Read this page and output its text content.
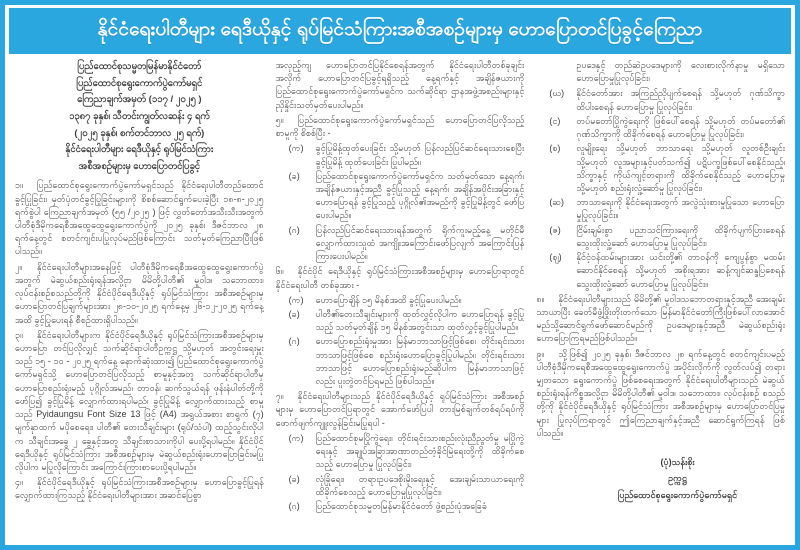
နိုင်ငံရေးပါတီများ ရေဒီယိုနှင့် ရုပ်မြင်သံကြားအစီအစဉ်များမှ ဟောပြောတင်ပြခွင့်ကြေညာ
ပြည်ထောင်စုသမ္မတမြန်မာနိုင်ငံတော်
ပြည်ထောင်စုရွေးကောက်ပွဲကော်မရှင်
ကြေညာချက်အမှတ် (၁၁၇ / ၂၀၂၅ )
၁၃၈၇ ခုနှစ်၊ သီတင်းကျွတ်လဆန်း ၄ ရက်
(၂၀၂၅ ခုနှစ်၊ စက်တင်ဘာလ ၂၅ ရက်)
နိုင်ငံရေးပါတီများ ရေဒီယိုနှင့် ရုပ်မြင်သံကြား
အစီအစဉ်များမှ ဟောပြောတင်ပြခွင့်

၁။ ပြည်ထောင်စုရွေးကောက်ပွဲကော်မရှင်သည် နိုင်ငံရေးပါတီတည်ထောင်ခွင့်ပြုခြင်း၊ မှတ်ပုံတင်ခွင့်ပြုခြင်းများကို စိစစ်ဆောင်ရွက်ပေးခဲ့ပြီး ၁၈-၈-၂၀၂၅ ရက်စွဲပါ ကြေညာချက်အမှတ် (၅၅ /၂၀၂၅ ) ဖြင့် လွှတ်တော်အသီးသီးအတွက် ပါတီစုံဒီမိုကရေစီအထွေထွေရွေးကောက်ပွဲကို ၂၀၂၅ ခုနှစ်၊ ဒီဇင်ဘာလ ၂၈ ရက်နေ့တွင် စတင်ကျင်းပပြုလုပ်မည်ဖြစ်ကြောင်း သတ်မှတ်ကြေညာပြီးဖြစ်ပါသည်။

၂။ နိုင်ငံရေးပါတီများအနေဖြင့် ပါတီစုံဒီမိုကရေစီအထွေထွေရွေးကောက်ပွဲအတွက် မဲဆွယ်စည်းရုံးရန်အလို့ငှာ မိမိတို့ပါတီ၏ မူဝါဒ၊ သဘောထား၊ လုပ်ငန်းစဉ်စသည်တို့ကို နိုင်ငံပိုင်ရေဒီယိုနှင့် ရုပ်မြင်သံကြား အစီအစဉ်များမှ ဟောပြောတင်ပြချက်များအား ၂၈-၁၀-၂၀၂၅ ရက်နေ့မှ ၂၆-၁၂-၂၀၂၅ ရက်နေ့အထိ ခွင့်ပြုပေးရန် စီစဉ်ထားရှိပါသည်။

၃။ နိုင်ငံရေးပါတီများက နိုင်ငံပိုင်ရေဒီယိုနှင့် ရုပ်မြင်သံကြားအစီအစဉ်များမှ ဟောပြော တင်ပြလိုလျှင် သက်ဆိုင်ရာပါတီဥက္ကဋ္ဌ သို့မဟုတ် အတွင်းရေးမှူးသည် ၁၅ - ၁၀ - ၂၀၂၅ ရက်နေ့ နောက်ဆုံးထား၍ ပြည်ထောင်စုရွေးကောက်ပွဲကော်မရှင်သို့ ဟောပြောတင်ပြလိုသည့် စာမူနှင့်အတူ သက်ဆိုင်ရာပါတီမှ ဟောပြောစည်းရုံးမည့် ပုဂ္ဂိုလ်အမည်၊ တာဝန်၊ ဆက်သွယ်ရန် ဖုန်းနံပါတ်တို့ကိုဖော်ပြ၍ ခွင့်ပြုမိန့် လျှောက်ထားရပါမည်၊ ခွင့်ပြုမိန့် လျှောက်ထားသည့် စာမူသည် Pyidaungsu Font Size 13 ဖြင့် (A4) အရွယ်အစား စာရွက် (၇) မျက်နှာထက် မပိုစေရေး၊ ပါတီ၏ တေးသီချင်းများ (ရုပ်/သံပါ) ထည့်သွင်းလိုပါက သီချင်းအခွေ ၂ ခွေနှင့်အတူ သီချင်းစာသားကိုပါ ပေးပို့ရပါမည်။ နိုင်ငံပိုင်ရေဒီယိုနှင့် ရုပ်မြင်သံကြား အစီအစဉ်များမှ မဲဆွယ်စည်းရုံးဟောပြောခြင်းမပြုလိုပါက မပြုလိုကြောင်း အကြောင်းကြားစာပေးပို့ရပါမည်။

၄။ နိုင်ငံပိုင်ရေဒီယိုနှင့် ရုပ်မြင်သံကြားအစီအစဉ်များမှ ဟောပြောခွင့်ပြုရန် လျှောက်ထားကြသည့် နိုင်ငံရေးပါတီများအား အဆင်ပြေစွာ

အလှည့်ကျ ဟောပြောတင်ပြနိုင်စေရန်အတွက် နိုင်ငံရေးပါတီတစ်ခုချင်းအလိုက် ဟောပြောတင်ပြခွင့်ရရှိသည့် နေ့ရက်နှင့် အချိန်ဇယားကို ပြည်ထောင်စုရွေးကောက်ပွဲကော်မရှင်က သက်ဆိုင်ရာ ဌာနအဖွဲ့အစည်းများနှင့် ညှိနှိုင်းသတ်မှတ်ပေးပါမည်။

၅။ ပြည်ထောင်စုရွေးကောက်ပွဲကော်မရှင်သည် ဟောပြောတင်ပြလိုသည့်စာမူကို စိစစ်ပြီး -

(က)	ခွင့်ပြုမိန့်ထုတ်ပေးခြင်း သို့မဟုတ် ပြန်လည်ပြင်ဆင်ရေးသားစေပြီး ခွင့်ပြုမိန့် ထုတ်ပေးခြင်း ပြုပါမည်။
(ခ)	ပြည်ထောင်စုရွေးကောက်ပွဲကော်မရှင်က သတ်မှတ်သော နေ့ရက်၊ အချိန်ဇယားနှင့်အညီ ခွင့်ပြုသည့် နေ့ရက်၊ အချိန်အပိုင်းအခြားနှင့် ဟောပြောရန် ခွင့်ပြုသည့် ပုဂ္ဂိုလ်၏အမည်ကို ခွင့်ပြုမိန့်တွင် ဖော်ပြပေးပါမည်။
(ဂ)	ပြန်လည်ပြင်ဆင်ရေးသားရန်အတွက် ရိုက်ကူးမည့်နေ့ မတိုင်မီ လျှောက်ထားသူထံ အကျိုးအကြောင်းဖော်ပြလျက် အကြောင်းပြန်ကြားပေးပါမည်။

၆။ နိုင်ငံပိုင် ရေဒီယိုနှင့် ရုပ်မြင်သံကြားအစီအစဉ်များမှ ဟောပြောရာတွင် နိုင်ငံရေးပါတီ တစ်ခုအား -

(က)	ဟောပြောချိန် ၁၅ မိနစ်အထိ ခွင့်ပြုပေးပါမည်။
(ခ)	ပါတီ၏တေးသီချင်းများကို ထုတ်လွှင့်လိုပါက ဟောပြောရန် ခွင့်ပြုသည့် သတ်မှတ်ချိန် ၁၅ မိနစ်အတွင်းသာ ထုတ်လွှင့်ခွင့်ပြုပါမည်။
(ဂ)	ဟောပြောစည်းရုံးမှုအား မြန်မာဘာသာဖြင့်ဖြစ်စေ၊ တိုင်းရင်းသားဘာသာဖြင့်ဖြစ်စေ စည်းရုံးဟောပြောခွင့်ပြုပါမည်။ တိုင်းရင်းသားဘာသာဖြင့် ဟောပြောစည်းရုံးမည်ဆိုပါက မြန်မာဘာသာဖြင့်လည်း ပူးတွဲတင်ပြရမည် ဖြစ်ပါသည်။

၇။ နိုင်ငံရေးပါတီများသည် နိုင်ငံပိုင်ရေဒီယိုနှင့် ရုပ်မြင်သံကြား အစီအစဉ်များမှ ဟောပြောတင်ပြရာတွင် အောက်ဖော်ပြပါ တားမြစ်ချက်တစ်ရပ်ရပ်ကို ဖောက်ဖျက်ကျူးလွန်ခြင်းမပြုရပါ -

(က)	ပြည်ထောင်စုမပြိုကွဲရေး၊ တိုင်းရင်းသားစည်းလုံးညီညွတ်မှု မပြိုကွဲရေးနှင့် အချုပ်အခြာအာဏာတည်တံ့ခိုင်မြဲရေးတို့ကို ထိခိုက်စေသည့် ဟောပြောမှု ပြုလုပ်ခြင်း၊
(ခ)	လုံခြုံရေး၊ တရားဥပဒေစိုးမိုးရေးနှင့် အေးချမ်းသာယာရေးကို ထိခိုက်စေသည့် ဟောပြောမှုပြုလုပ်ခြင်း၊
(ဂ)	ပြည်ထောင်စုသမ္မတမြန်မာနိုင်ငံတော် ဖွဲ့စည်းပုံအခြေခံ

ဥပဒေနှင့် တည်ဆဲဥပဒေများကို လေးစားလိုက်နာမှု မရှိသော ဟောပြောမှုပြုလုပ်ခြင်း၊

(ဃ)	နိုင်ငံတော်အား အကြည်ညိုပျက်စေရန် သို့မဟုတ် ဂုဏ်သိက္ခာထိပါးစေရန် ဟောပြောမှု ပြုလုပ်ခြင်း၊
(င)	တပ်မတော်ပြိုကွဲရေးကို ဖြစ်ပေါ်စေရန် သို့မဟုတ် တပ်မတော်၏ ဂုဏ်သိက္ခာကို ထိခိုက်စေရန် ဟောပြောမှု ပြုလုပ်ခြင်း၊
(စ)	လူမျိုးရေး သို့မဟုတ် ဘာသာရေး သို့မဟုတ် လူတစ်ဦးချင်း သို့မဟုတ် လူအများနှင့်ပတ်သက်၍ ပဋိပက္ခဖြစ်ပေါ်စေနိုင်သည့်၊ သိက္ခာနှင့် ကိုယ်ကျင့်တရားကို ထိခိုက်စေနိုင်သည့် ဟောပြောမှု သို့မဟုတ် စည်းရုံးလှုံ့ဆော်မှု ပြုလုပ်ခြင်း၊
(ဆ)	ဘာသာရေးကို နိုင်ငံရေးအတွက် အလွဲသုံးစားမှုပြုသော ဟောပြောမှုပြုလုပ်ခြင်း။
(ဇ)	ငြိမ်းချမ်းစွာ ပညာသင်ကြားရေးကို ထိခိုက်ပျက်ပြားစေရန် သွေးထိုးလှုံ့ဆော် ဟောပြောမှု ပြုလုပ်ခြင်း၊
(ဈ)	နိုင်ငံ့ဝန်ထမ်းများအား ယင်းတို့၏ တာဝန်ကို ကျေပွန်စွာ မထမ်းဆောင်နိုင်စေရန် သို့မဟုတ် အစိုးရအား ဆန့်ကျင်ဆန္ဒပြစေရန် သွေးထိုးလှုံ့ဆော် ဟောပြောမှု ပြုလုပ်ခြင်း။

၈။ နိုင်ငံရေးပါတီများသည် မိမိတို့၏ မူဝါဒသဘောတရားနှင့်အညီ အေးချမ်းသာယာပြီး ခေတ်မီဖွံ့ဖြိုးတိုးတက်သော မြန်မာနိုင်ငံတော်ကြီးဖြစ်ပေါ်လာအောင် မည်သို့ဆောင်ရွက်ဖော်ဆောင်မည်ကို ဥပဒေများနှင့်အညီ မဲဆွယ်စည်းရုံး ဟောပြောကြရမည်ဖြစ်ပါသည်။

၉။ သို့ဖြစ်၍ ၂၀၂၅ ခုနှစ်၊ ဒီဇင်ဘာလ ၂၈ ရက်နေ့တွင် စတင်ကျင်းပမည့် ပါတီစုံဒီမိုကရေစီအထွေထွေရွေးကောက်ပွဲ အပိုင်းလိုက်ကို လွတ်လပ်၍ တရားမျှတသော ရွေးကောက်ပွဲ ဖြစ်စေရေးအတွက် နိုင်ငံရေးပါတီများသည် မဲဆွယ်စည်းရုံးရန်ကိစ္စအလို့ငှာ မိမိတို့ပါတီ၏ မူဝါဒ၊ သဘောထား၊ လုပ်ငန်းစဉ် စသည်တို့ကို နိုင်ငံပိုင်ရေဒီယိုနှင့် ရုပ်မြင်သံကြား အစီအစဉ်များမှ ဟောပြောတင်ပြမှုများ ပြုလုပ်ကြရာတွင် ဤကြေညာချက်နှင့်အညီ ဆောင်ရွက်ကြရန် ဖြစ်ပါသည်။

(ပုံ)သန်းစိုး
ဥက္ကဋ္ဌ
ပြည်ထောင်စုရွေးကောက်ပွဲကော်မရှင်
